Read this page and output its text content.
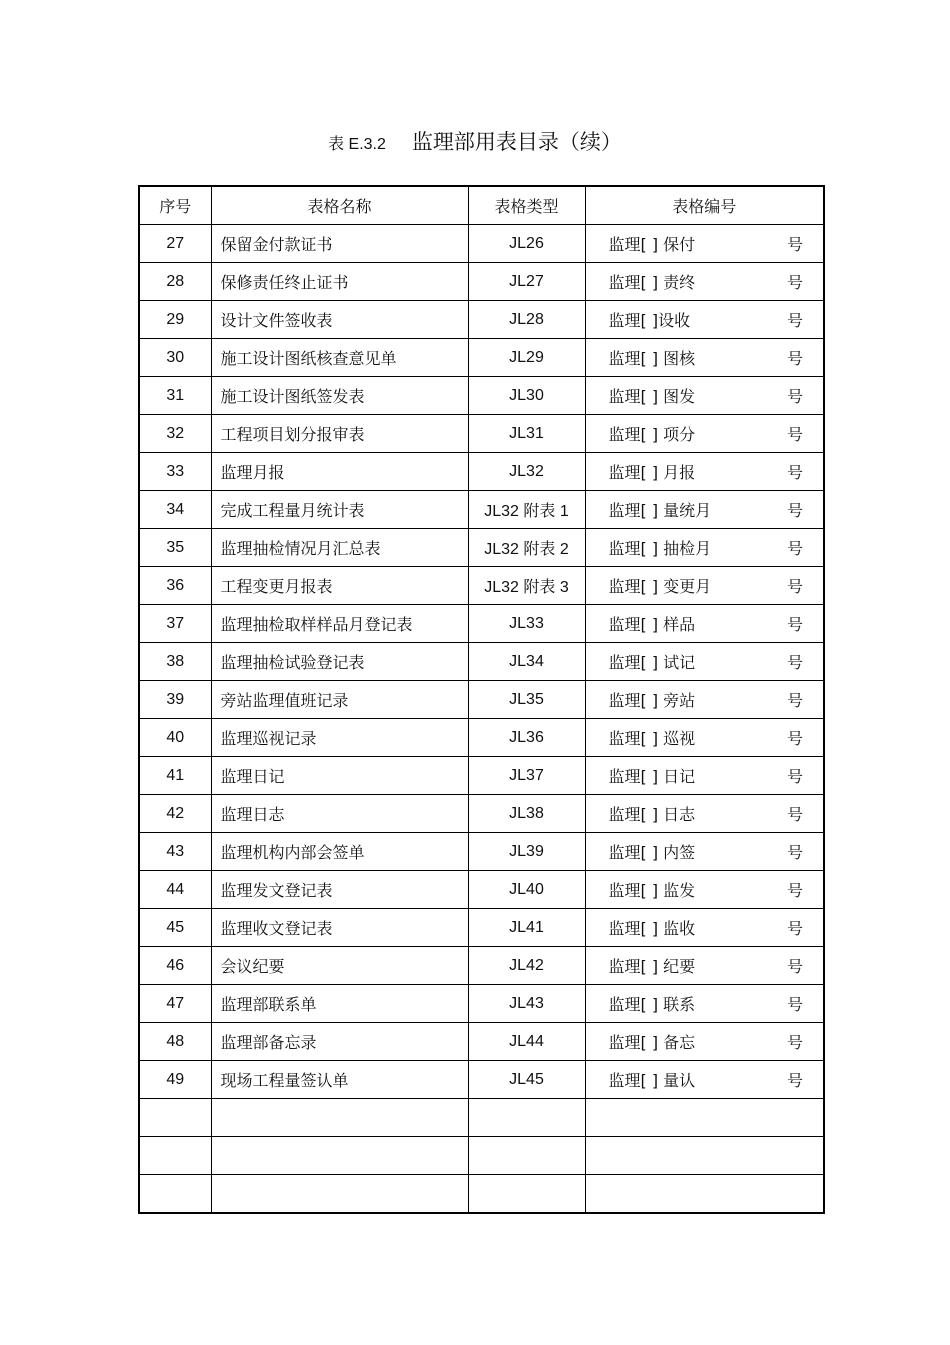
表 E.3.2 监理部用表目录（续）
序号	表格名称	表格类型	表格编号
27	保留金付款证书	JL26	监理[ ] 保付 号

28	保修责任终止证书	JL27	监理[ ] 责终 号

29	设计文件签收表	JL28	监理[ ]设收 号

30	施工设计图纸核查意见单	JL29	监理[ ] 图核 号

31	施工设计图纸签发表	JL30	监理[ ] 图发 号

32	工程项目划分报审表	JL31	监理[ ] 项分 号

33	监理月报	JL32	监理[ ] 月报 号

34	完成工程量月统计表	JL32 附表 1	监理[ ] 量统月 号

35	监理抽检情况月汇总表	JL32 附表 2	监理[ ] 抽检月 号

36	工程变更月报表	JL32 附表 3	监理[ ] 变更月 号

37	监理抽检取样样品月登记表	JL33	监理[ ] 样品 号

38	监理抽检试验登记表	JL34	监理[ ] 试记 号

39	旁站监理值班记录	JL35	监理[ ] 旁站 号

40	监理巡视记录	JL36	监理[ ] 巡视 号

41	监理日记	JL37	监理[ ] 日记 号

42	监理日志	JL38	监理[ ] 日志 号

43	监理机构内部会签单	JL39	监理[ ] 内签 号

44	监理发文登记表	JL40	监理[ ] 监发 号

45	监理收文登记表	JL41	监理[ ] 监收 号

46	会议纪要	JL42	监理[ ] 纪要 号

47	监理部联系单	JL43	监理[ ] 联系 号

48	监理部备忘录	JL44	监理[ ] 备忘 号

49	现场工程量签认单	JL45	监理[ ] 量认 号
